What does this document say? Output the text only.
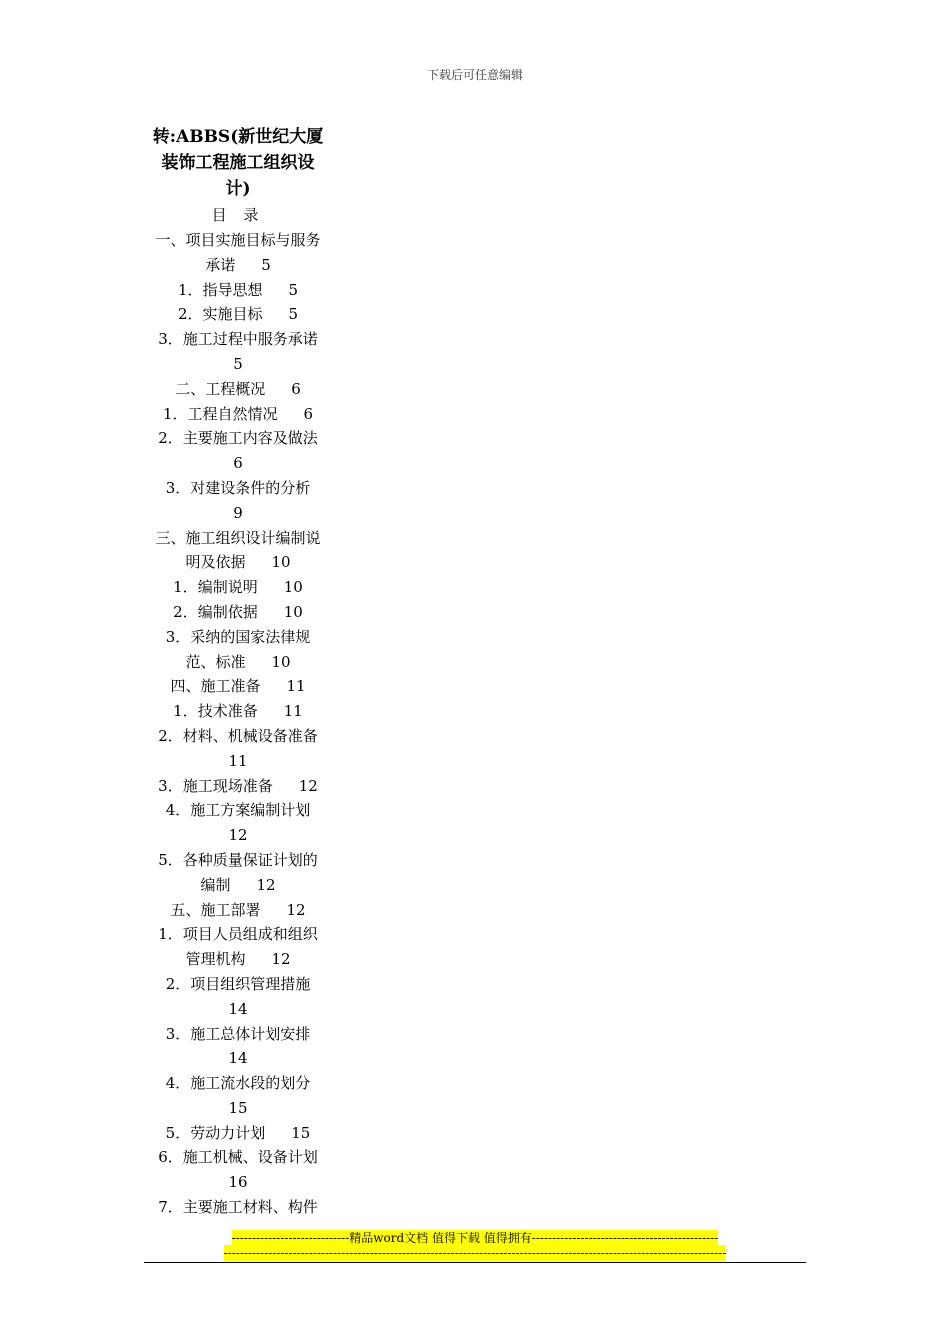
下载后可任意编辑
转:ABBS(新世纪大厦
装饰工程施工组织设
计)
目 录
一、项目实施目标与服务
承诺 5
1．指导思想 5
2．实施目标 5
3．施工过程中服务承诺
5
二、工程概况 6
1．工程自然情况 6
2．主要施工内容及做法
6
3．对建设条件的分析
9
三、施工组织设计编制说
明及依据 10
1．编制说明 10
2．编制依据 10
3．采纳的国家法律规
范、标准 10
四、施工准备 11
1．技术准备 11
2．材料、机械设备准备
11
3．施工现场准备 12
4．施工方案编制计划
12
5．各种质量保证计划的
编制 12
五、施工部署 12
1．项目人员组成和组织
管理机构 12
2．项目组织管理措施
14
3．施工总体计划安排
14
4．施工流水段的划分
15
5．劳动力计划 15
6．施工机械、设备计划
16
7．主要施工材料、构件
-----------------------------精品word文档 值得下载 值得拥有----------------------------------------------
----------------------------------------------------------------------------------------------------------------------------
